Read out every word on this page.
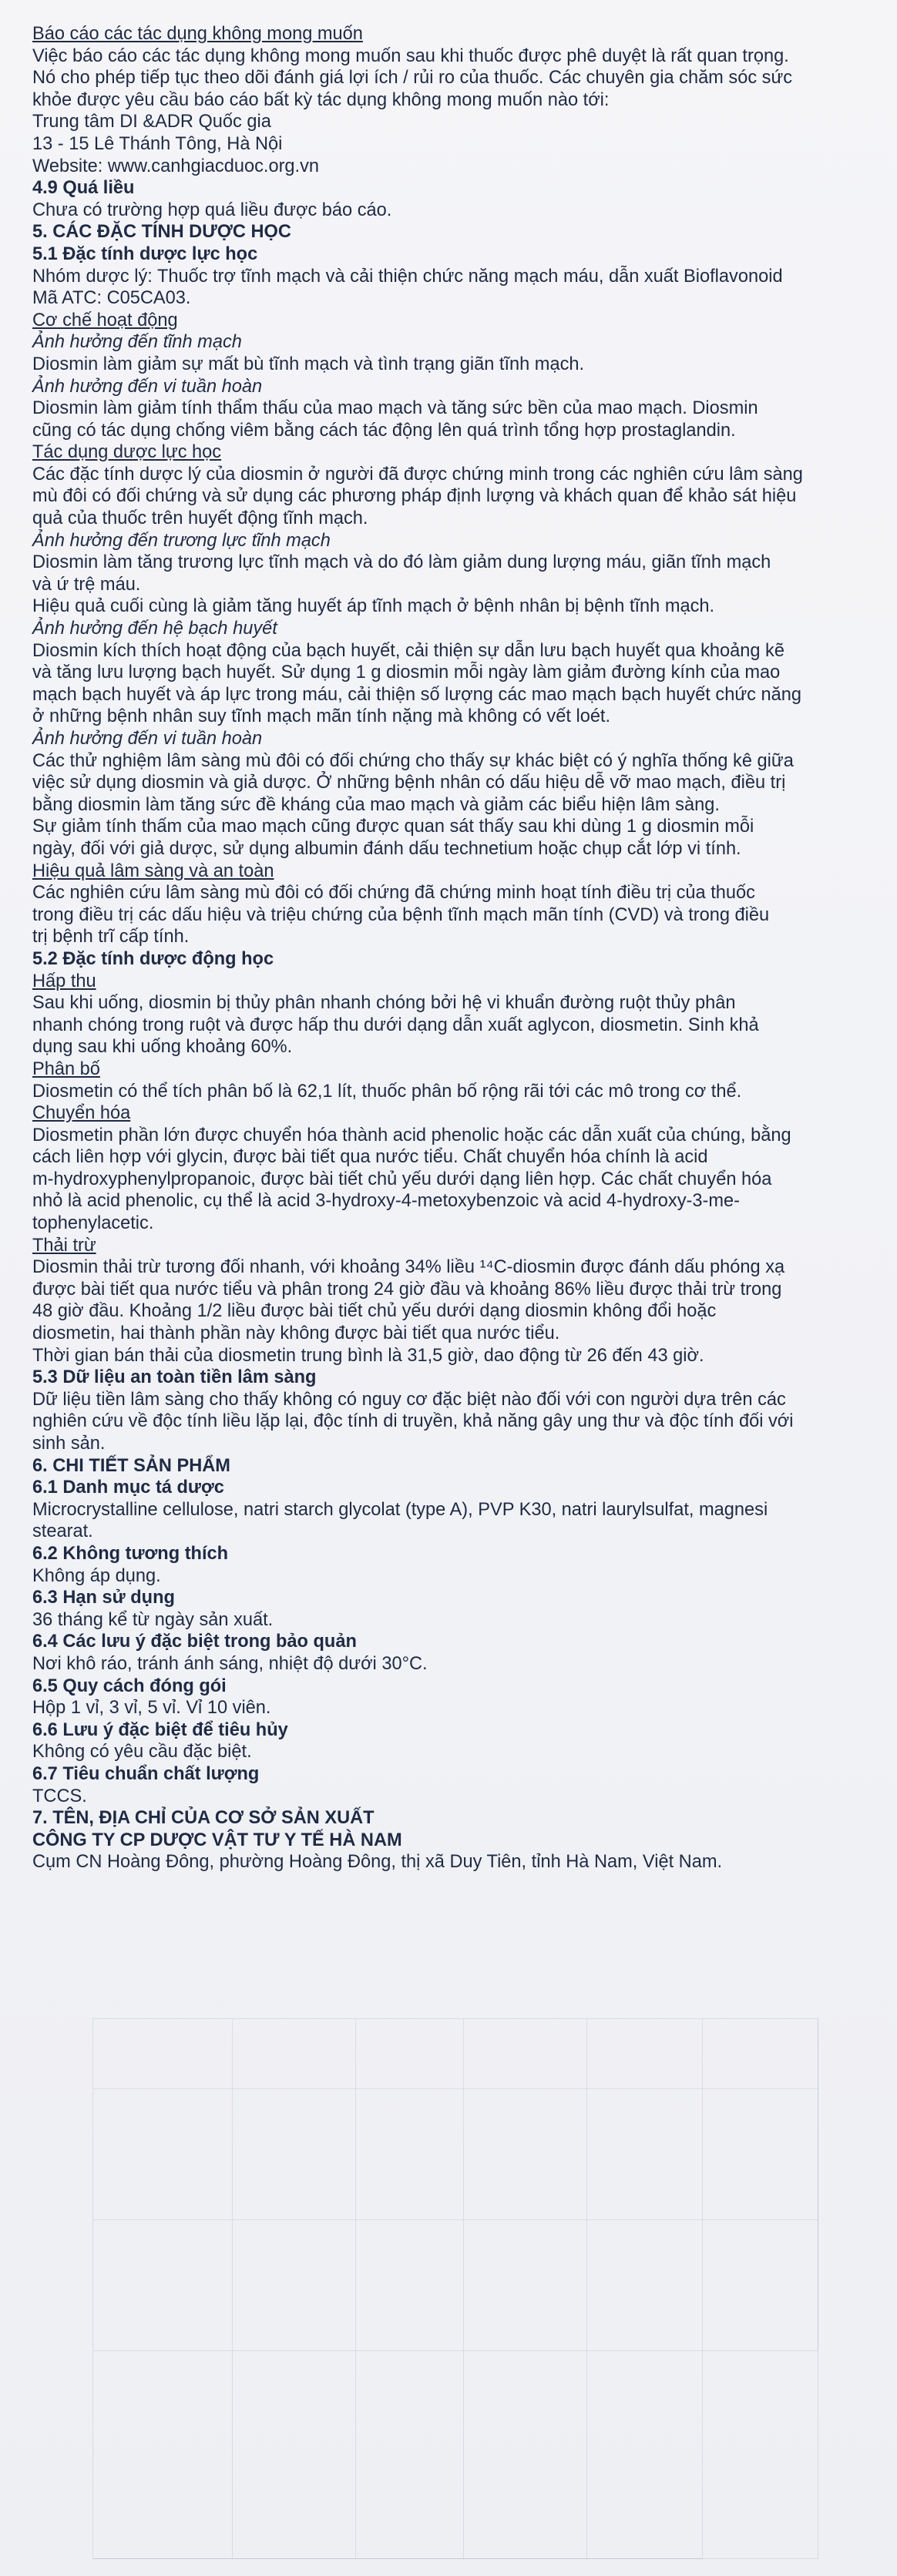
Báo cáo các tác dụng không mong muốn

Việc báo cáo các tác dụng không mong muốn sau khi thuốc được phê duyệt là rất quan trọng.

Nó cho phép tiếp tục theo dõi đánh giá lợi ích / rủi ro của thuốc. Các chuyên gia chăm sóc sức

khỏe được yêu cầu báo cáo bất kỳ tác dụng không mong muốn nào tới:

Trung tâm DI &ADR Quốc gia

13 - 15 Lê Thánh Tông, Hà Nội

Website: www.canhgiacduoc.org.vn

4.9 Quá liều

Chưa có trường hợp quá liều được báo cáo.

5. CÁC ĐẶC TÍNH DƯỢC HỌC

5.1 Đặc tính dược lực học

Nhóm dược lý: Thuốc trợ tĩnh mạch và cải thiện chức năng mạch máu, dẫn xuất Bioflavonoid

Mã ATC: C05CA03.

Cơ chế hoạt động

Ảnh hưởng đến tĩnh mạch

Diosmin làm giảm sự mất bù tĩnh mạch và tình trạng giãn tĩnh mạch.

Ảnh hưởng đến vi tuần hoàn

Diosmin làm giảm tính thẩm thấu của mao mạch và tăng sức bền của mao mạch. Diosmin

cũng có tác dụng chống viêm bằng cách tác động lên quá trình tổng hợp prostaglandin.

Tác dụng dược lực học

Các đặc tính dược lý của diosmin ở người đã được chứng minh trong các nghiên cứu lâm sàng

mù đôi có đối chứng và sử dụng các phương pháp định lượng và khách quan để khảo sát hiệu

quả của thuốc trên huyết động tĩnh mạch.

Ảnh hưởng đến trương lực tĩnh mạch

Diosmin làm tăng trương lực tĩnh mạch và do đó làm giảm dung lượng máu, giãn tĩnh mạch

và ứ trệ máu.

Hiệu quả cuối cùng là giảm tăng huyết áp tĩnh mạch ở bệnh nhân bị bệnh tĩnh mạch.

Ảnh hưởng đến hệ bạch huyết

Diosmin kích thích hoạt động của bạch huyết, cải thiện sự dẫn lưu bạch huyết qua khoảng kẽ

và tăng lưu lượng bạch huyết. Sử dụng 1 g diosmin mỗi ngày làm giảm đường kính của mao

mạch bạch huyết và áp lực trong máu, cải thiện số lượng các mao mạch bạch huyết chức năng

ở những bệnh nhân suy tĩnh mạch mãn tính nặng mà không có vết loét.

Ảnh hưởng đến vi tuần hoàn

Các thử nghiệm lâm sàng mù đôi có đối chứng cho thấy sự khác biệt có ý nghĩa thống kê giữa

việc sử dụng diosmin và giả dược. Ở những bệnh nhân có dấu hiệu dễ vỡ mao mạch, điều trị

bằng diosmin làm tăng sức đề kháng của mao mạch và giảm các biểu hiện lâm sàng.

Sự giảm tính thấm của mao mạch cũng được quan sát thấy sau khi dùng 1 g diosmin mỗi

ngày, đối với giả dược, sử dụng albumin đánh dấu technetium hoặc chụp cắt lớp vi tính.

Hiệu quả lâm sàng và an toàn

Các nghiên cứu lâm sàng mù đôi có đối chứng đã chứng minh hoạt tính điều trị của thuốc

trong điều trị các dấu hiệu và triệu chứng của bệnh tĩnh mạch mãn tính (CVD) và trong điều

trị bệnh trĩ cấp tính.

5.2 Đặc tính dược động học

Hấp thu

Sau khi uống, diosmin bị thủy phân nhanh chóng bởi hệ vi khuẩn đường ruột thủy phân

nhanh chóng trong ruột và được hấp thu dưới dạng dẫn xuất aglycon, diosmetin. Sinh khả

dụng sau khi uống khoảng 60%.

Phân bố

Diosmetin có thể tích phân bố là 62,1 lít, thuốc phân bố rộng rãi tới các mô trong cơ thể.

Chuyển hóa

Diosmetin phần lớn được chuyển hóa thành acid phenolic hoặc các dẫn xuất của chúng, bằng

cách liên hợp với glycin, được bài tiết qua nước tiểu. Chất chuyển hóa chính là acid

m-hydroxyphenylpropanoic, được bài tiết chủ yếu dưới dạng liên hợp. Các chất chuyển hóa

nhỏ là acid phenolic, cụ thể là acid 3-hydroxy-4-metoxybenzoic và acid 4-hydroxy-3-me-

tophenylacetic.

Thải trừ

Diosmin thải trừ tương đối nhanh, với khoảng 34% liều ¹⁴C-diosmin được đánh dấu phóng xạ

được bài tiết qua nước tiểu và phân trong 24 giờ đầu và khoảng 86% liều được thải trừ trong

48 giờ đầu. Khoảng 1/2 liều được bài tiết chủ yếu dưới dạng diosmin không đổi hoặc

diosmetin, hai thành phần này không được bài tiết qua nước tiểu.

Thời gian bán thải của diosmetin trung bình là 31,5 giờ, dao động từ 26 đến 43 giờ.

5.3 Dữ liệu an toàn tiền lâm sàng

Dữ liệu tiền lâm sàng cho thấy không có nguy cơ đặc biệt nào đối với con người dựa trên các

nghiên cứu về độc tính liều lặp lại, độc tính di truyền, khả năng gây ung thư và độc tính đối với

sinh sản.

6. CHI TIẾT SẢN PHẨM

6.1 Danh mục tá dược

Microcrystalline cellulose, natri starch glycolat (type A), PVP K30, natri laurylsulfat, magnesi

stearat.

6.2 Không tương thích

Không áp dụng.

6.3 Hạn sử dụng

36 tháng kể từ ngày sản xuất.

6.4 Các lưu ý đặc biệt trong bảo quản

Nơi khô ráo, tránh ánh sáng, nhiệt độ dưới 30°C.

6.5 Quy cách đóng gói

Hộp 1 vỉ, 3 vỉ, 5 vỉ. Vỉ 10 viên.

6.6 Lưu ý đặc biệt để tiêu hủy

Không có yêu cầu đặc biệt.

6.7 Tiêu chuẩn chất lượng

TCCS.

7. TÊN, ĐỊA CHỈ CỦA CƠ SỞ SẢN XUẤT

CÔNG TY CP DƯỢC VẬT TƯ Y TẾ HÀ NAM

Cụm CN Hoàng Đông, phường Hoàng Đông, thị xã Duy Tiên, tỉnh Hà Nam, Việt Nam.
